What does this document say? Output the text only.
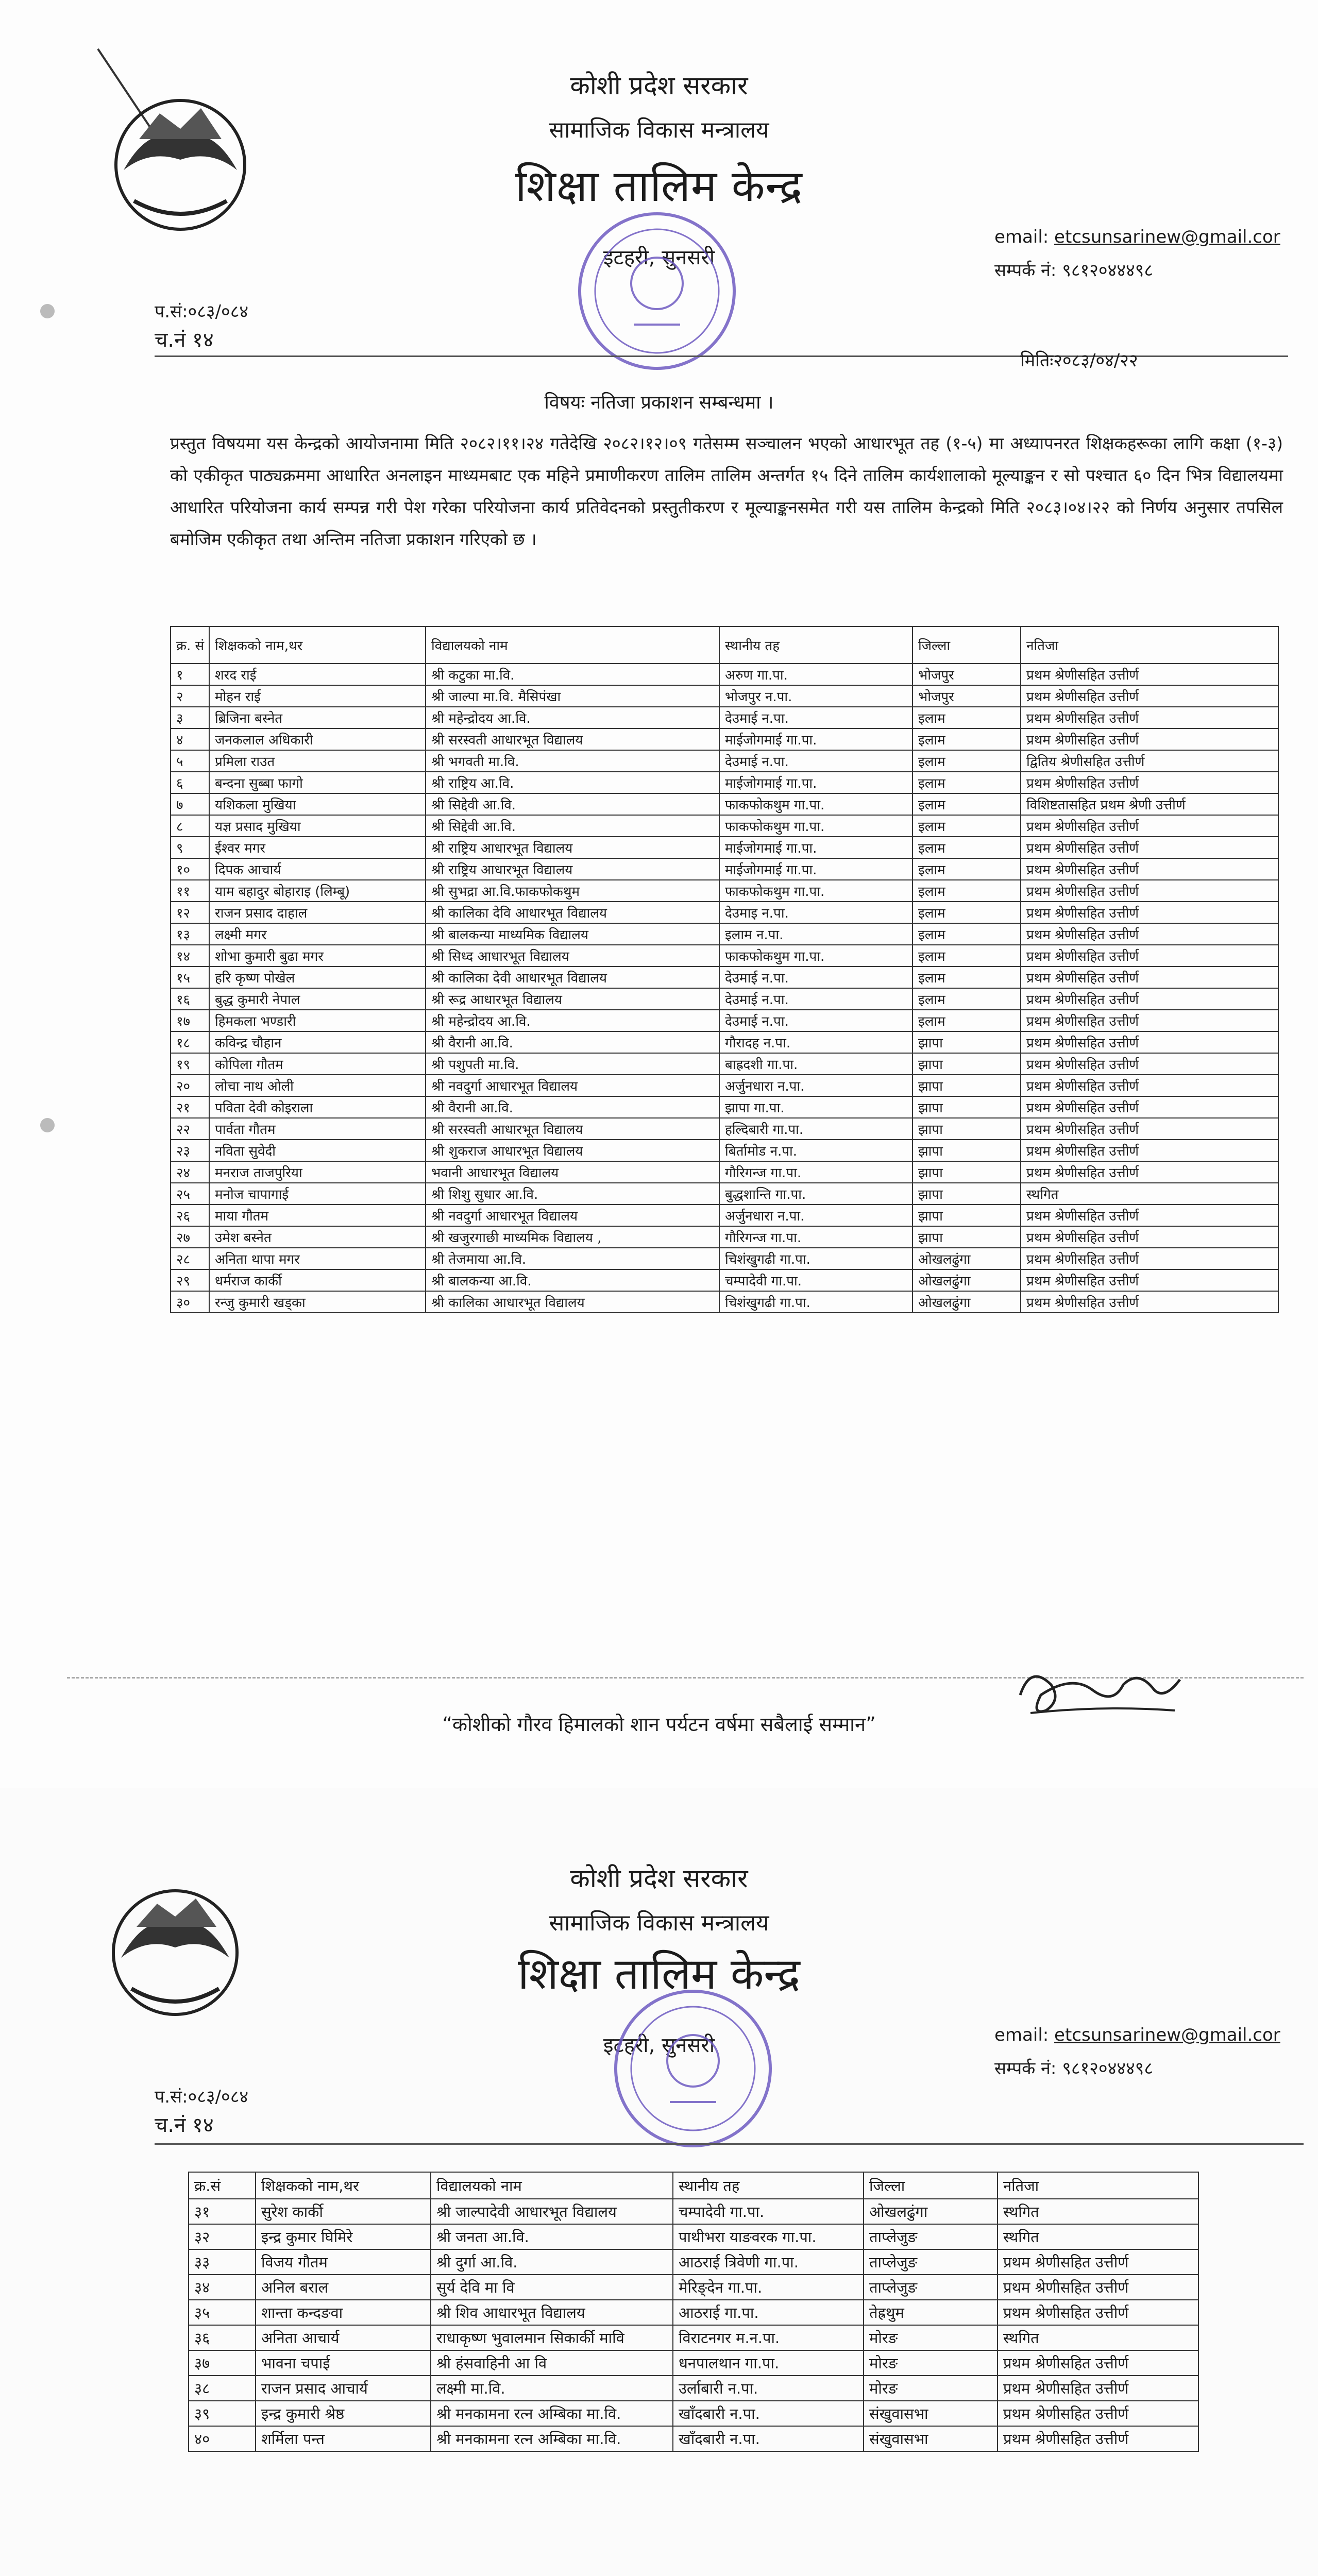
कोशी प्रदेश सरकार
सामाजिक विकास मन्त्रालय
शिक्षा तालिम केन्द्र
इटहरी, सुनसरी
email: etcsunsarinew@gmail.cor
सम्पर्क नं: ९८१२०४४४९८
प.सं:०८३/०८४
च.नं १४
मितिः२०८३/०४/२२
विषयः नतिजा प्रकाशन सम्बन्धमा ।
प्रस्तुत विषयमा यस केन्द्रको आयोजनामा मिति २०८२।११।२४ गतेदेखि २०८२।१२।०९ गतेसम्म सञ्चालन भएको आधारभूत तह (१-५) मा अध्यापनरत शिक्षकहरूका लागि कक्षा (१-३) को एकीकृत पाठ्यक्रममा आधारित अनलाइन माध्यमबाट एक महिने प्रमाणीकरण तालिम तालिम अन्तर्गत १५ दिने तालिम कार्यशालाको मूल्याङ्कन र सो पश्चात ६० दिन भित्र विद्यालयमा आधारित परियोजना कार्य सम्पन्न गरी पेश गरेका परियोजना कार्य प्रतिवेदनको प्रस्तुतीकरण र मूल्याङ्कनसमेत गरी यस तालिम केन्द्रको मिति २०८३।०४।२२ को निर्णय अनुसार तपसिल बमोजिम एकीकृत तथा अन्तिम नतिजा प्रकाशन गरिएको छ ।
क्र. सं	शिक्षकको नाम,थर	विद्यालयको नाम	स्थानीय तह	जिल्ला	नतिजा
१	शरद राई	श्री कटुका मा.वि.	अरुण गा.पा.	भोजपुर	प्रथम श्रेणीसहित उत्तीर्ण
२	मोहन राई	श्री जाल्पा मा.वि. मैसिपंखा	भोजपुर न.पा.	भोजपुर	प्रथम श्रेणीसहित उत्तीर्ण
३	ब्रिजिना बस्नेत	श्री महेन्द्रोदय आ.वि.	देउमाई न.पा.	इलाम	प्रथम श्रेणीसहित उत्तीर्ण
४	जनकलाल अधिकारी	श्री सरस्वती आधारभूत विद्यालय	माईजोगमाई गा.पा.	इलाम	प्रथम श्रेणीसहित उत्तीर्ण
५	प्रमिला राउत	श्री भगवती मा.वि.	देउमाई न.पा.	इलाम	द्वितिय श्रेणीसहित उत्तीर्ण
६	बन्दना सुब्बा फागो	श्री राष्ट्रिय आ.वि.	माईजोगमाई गा.पा.	इलाम	प्रथम श्रेणीसहित उत्तीर्ण
७	यशिकला मुखिया	श्री सिद्देवी आ.वि.	फाकफोकथुम गा.पा.	इलाम	विशिष्टतासहित प्रथम श्रेणी उत्तीर्ण
८	यज्ञ प्रसाद मुखिया	श्री सिद्देवी आ.वि.	फाकफोकथुम गा.पा.	इलाम	प्रथम श्रेणीसहित उत्तीर्ण
९	ईश्वर मगर	श्री राष्ट्रिय आधारभूत विद्यालय	माईजोगमाई गा.पा.	इलाम	प्रथम श्रेणीसहित उत्तीर्ण
१०	दिपक आचार्य	श्री राष्ट्रिय आधारभूत विद्यालय	माईजोगमाई गा.पा.	इलाम	प्रथम श्रेणीसहित उत्तीर्ण
११	याम बहादुर बोहाराइ (लिम्बू)	श्री सुभद्रा आ.वि.फाकफोकथुम	फाकफोकथुम गा.पा.	इलाम	प्रथम श्रेणीसहित उत्तीर्ण
१२	राजन प्रसाद दाहाल	श्री कालिका देवि आधारभूत विद्यालय	देउमाइ न.पा.	इलाम	प्रथम श्रेणीसहित उत्तीर्ण
१३	लक्ष्मी मगर	श्री बालकन्या माध्यमिक विद्यालय	इलाम न.पा.	इलाम	प्रथम श्रेणीसहित उत्तीर्ण
१४	शोभा कुमारी बुढा मगर	श्री सिध्द आधारभूत विद्यालय	फाकफोकथुम गा.पा.	इलाम	प्रथम श्रेणीसहित उत्तीर्ण
१५	हरि कृष्ण पोखेल	श्री कालिका देवी आधारभूत विद्यालय	देउमाई न.पा.	इलाम	प्रथम श्रेणीसहित उत्तीर्ण
१६	बुद्ध कुमारी नेपाल	श्री रूद्र आधारभूत विद्यालय	देउमाई न.पा.	इलाम	प्रथम श्रेणीसहित उत्तीर्ण
१७	हिमकला भण्डारी	श्री महेन्द्रोदय आ.वि.	देउमाई न.पा.	इलाम	प्रथम श्रेणीसहित उत्तीर्ण
१८	कविन्द्र चौहान	श्री वैरानी आ.वि.	गौरादह न.पा.	झापा	प्रथम श्रेणीसहित उत्तीर्ण
१९	कोपिला गौतम	श्री पशुपती मा.वि.	बाह्रदशी गा.पा.	झापा	प्रथम श्रेणीसहित उत्तीर्ण
२०	लोचा नाथ ओली	श्री नवदुर्गा आधारभूत विद्यालय	अर्जुनधारा न.पा.	झापा	प्रथम श्रेणीसहित उत्तीर्ण
२१	पविता देवी कोइराला	श्री वैरानी आ.वि.	झापा गा.पा.	झापा	प्रथम श्रेणीसहित उत्तीर्ण
२२	पार्वता गौतम	श्री सरस्वती आधारभूत विद्यालय	हल्दिबारी गा.पा.	झापा	प्रथम श्रेणीसहित उत्तीर्ण
२३	नविता सुवेदी	श्री शुकराज आधारभूत विद्यालय	बिर्तामोड न.पा.	झापा	प्रथम श्रेणीसहित उत्तीर्ण
२४	मनराज ताजपुरिया	भवानी आधारभूत विद्यालय	गौरिगन्ज गा.पा.	झापा	प्रथम श्रेणीसहित उत्तीर्ण
२५	मनोज चापागाई	श्री शिशु सुधार आ.वि.	बुद्धशान्ति गा.पा.	झापा	स्थगित
२६	माया गौतम	श्री नवदुर्गा आधारभूत विद्यालय	अर्जुनधारा न.पा.	झापा	प्रथम श्रेणीसहित उत्तीर्ण
२७	उमेश बस्नेत	श्री खजुरगाछी माध्यमिक विद्यालय ,	गौरिगन्ज गा.पा.	झापा	प्रथम श्रेणीसहित उत्तीर्ण
२८	अनिता थापा मगर	श्री तेजमाया आ.वि.	चिशंखुगढी गा.पा.	ओखलढुंगा	प्रथम श्रेणीसहित उत्तीर्ण
२९	धर्मराज कार्की	श्री बालकन्या आ.वि.	चम्पादेवी गा.पा.	ओखलढुंगा	प्रथम श्रेणीसहित उत्तीर्ण
३०	रन्जु कुमारी खड्का	श्री कालिका आधारभूत विद्यालय	चिशंखुगढी गा.पा.	ओखलढुंगा	प्रथम श्रेणीसहित उत्तीर्ण
“कोशीको गौरव हिमालको शान पर्यटन वर्षमा सबैलाई सम्मान”
कोशी प्रदेश सरकार
सामाजिक विकास मन्त्रालय
शिक्षा तालिम केन्द्र
इटहरी, सुनसरी	email: etcsunsarinew@gmail.cor
सम्पर्क नं: ९८१२०४४४९८
प.सं:०८३/०८४
च.नं १४
क्र.सं	शिक्षकको नाम,थर	विद्यालयको नाम	स्थानीय तह	जिल्ला	नतिजा
३१	सुरेश कार्की	श्री जाल्पादेवी आधारभूत विद्यालय	चम्पादेवी गा.पा.	ओखलढुंगा	स्थगित
३२	इन्द्र कुमार घिमिरे	श्री जनता आ.वि.	पाथीभरा याङवरक गा.पा.	ताप्लेजुङ	स्थगित
३३	विजय गौतम	श्री दुर्गा आ.वि.	आठराई त्रिवेणी गा.पा.	ताप्लेजुङ	प्रथम श्रेणीसहित उत्तीर्ण
३४	अनिल बराल	सुर्य देवि मा वि	मेरिङ्देन गा.पा.	ताप्लेजुङ	प्रथम श्रेणीसहित उत्तीर्ण
३५	शान्ता कन्दङवा	श्री शिव आधारभूत विद्यालय	आठराई गा.पा.	तेह्रथुम	प्रथम श्रेणीसहित उत्तीर्ण
३६	अनिता आचार्य	राधाकृष्ण भुवालमान सिकार्की मावि	विराटनगर म.न.पा.	मोरङ	स्थगित
३७	भावना चपाई	श्री हंसवाहिनी आ वि	धनपालथान गा.पा.	मोरङ	प्रथम श्रेणीसहित उत्तीर्ण
३८	राजन प्रसाद आचार्य	लक्ष्मी मा.वि.	उर्लाबारी न.पा.	मोरङ	प्रथम श्रेणीसहित उत्तीर्ण
३९	इन्द्र कुमारी श्रेष्ठ	श्री मनकामना रत्न अम्बिका मा.वि.	खाँदबारी न.पा.	संखुवासभा	प्रथम श्रेणीसहित उत्तीर्ण
४०	शर्मिला पन्त	श्री मनकामना रत्न अम्बिका मा.वि.	खाँदबारी न.पा.	संखुवासभा	प्रथम श्रेणीसहित उत्तीर्ण
